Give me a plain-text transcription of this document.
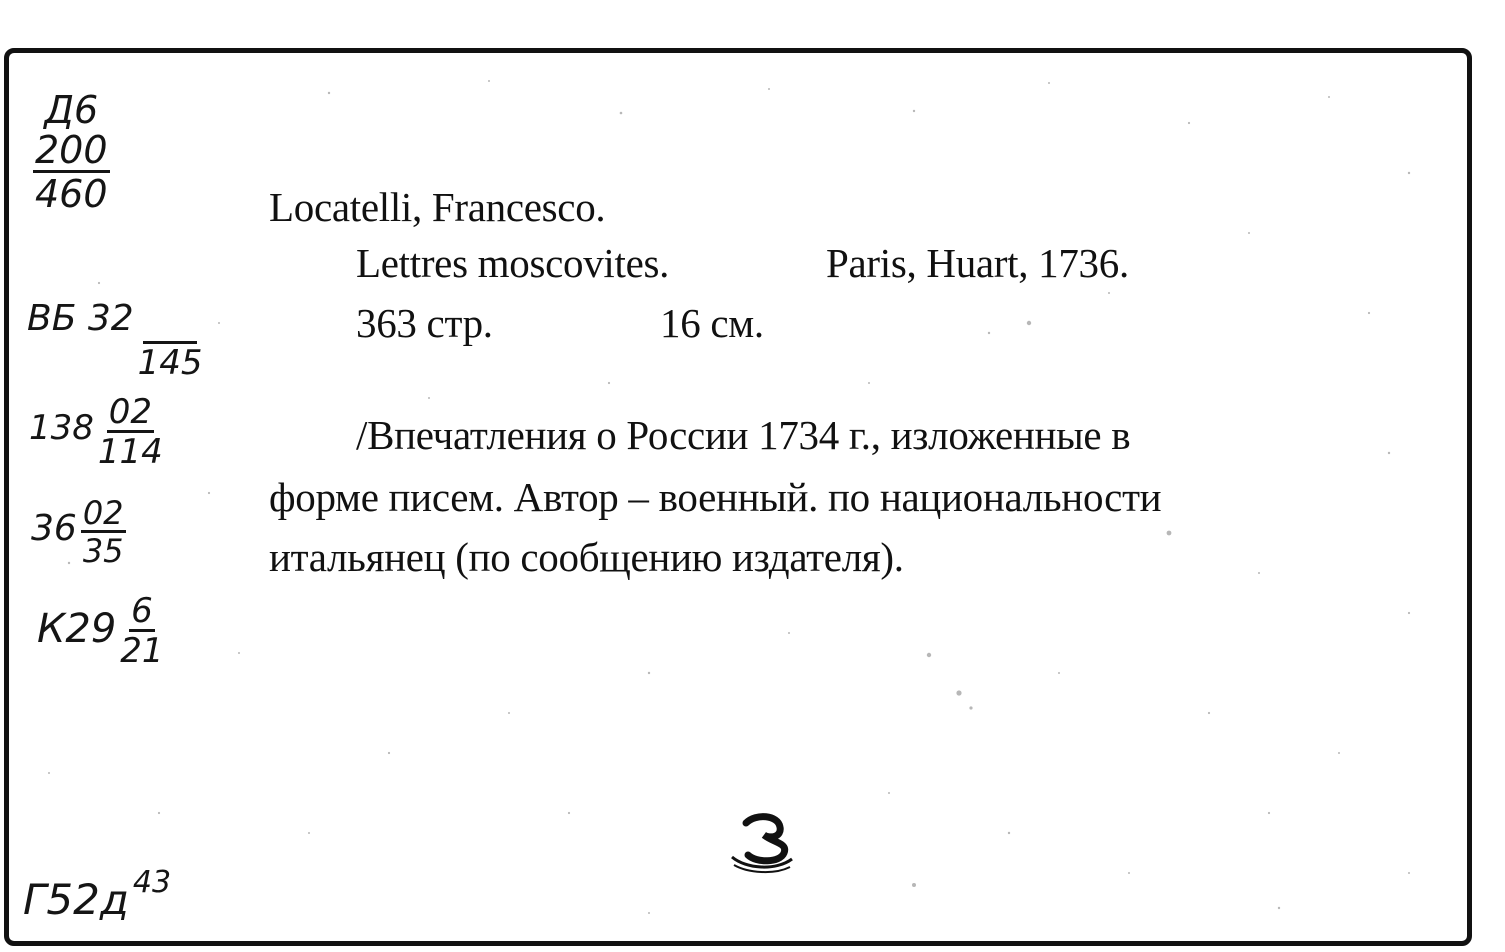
Д6
200
460
ВБ 32
145
$138 \frac{02}{114}$
$36 \frac{02}{35}$
$К29 \frac{6}{21}$
Г52д 43
Locatelli, Francesco.
Lettres moscovites.	Paris, Huart, 1736.
363 стр.	16 см.
/Впечатления о России 1734 г., изложенные в
форме писем. Автор – военный. по национальности
итальянец (по сообщению издателя).
